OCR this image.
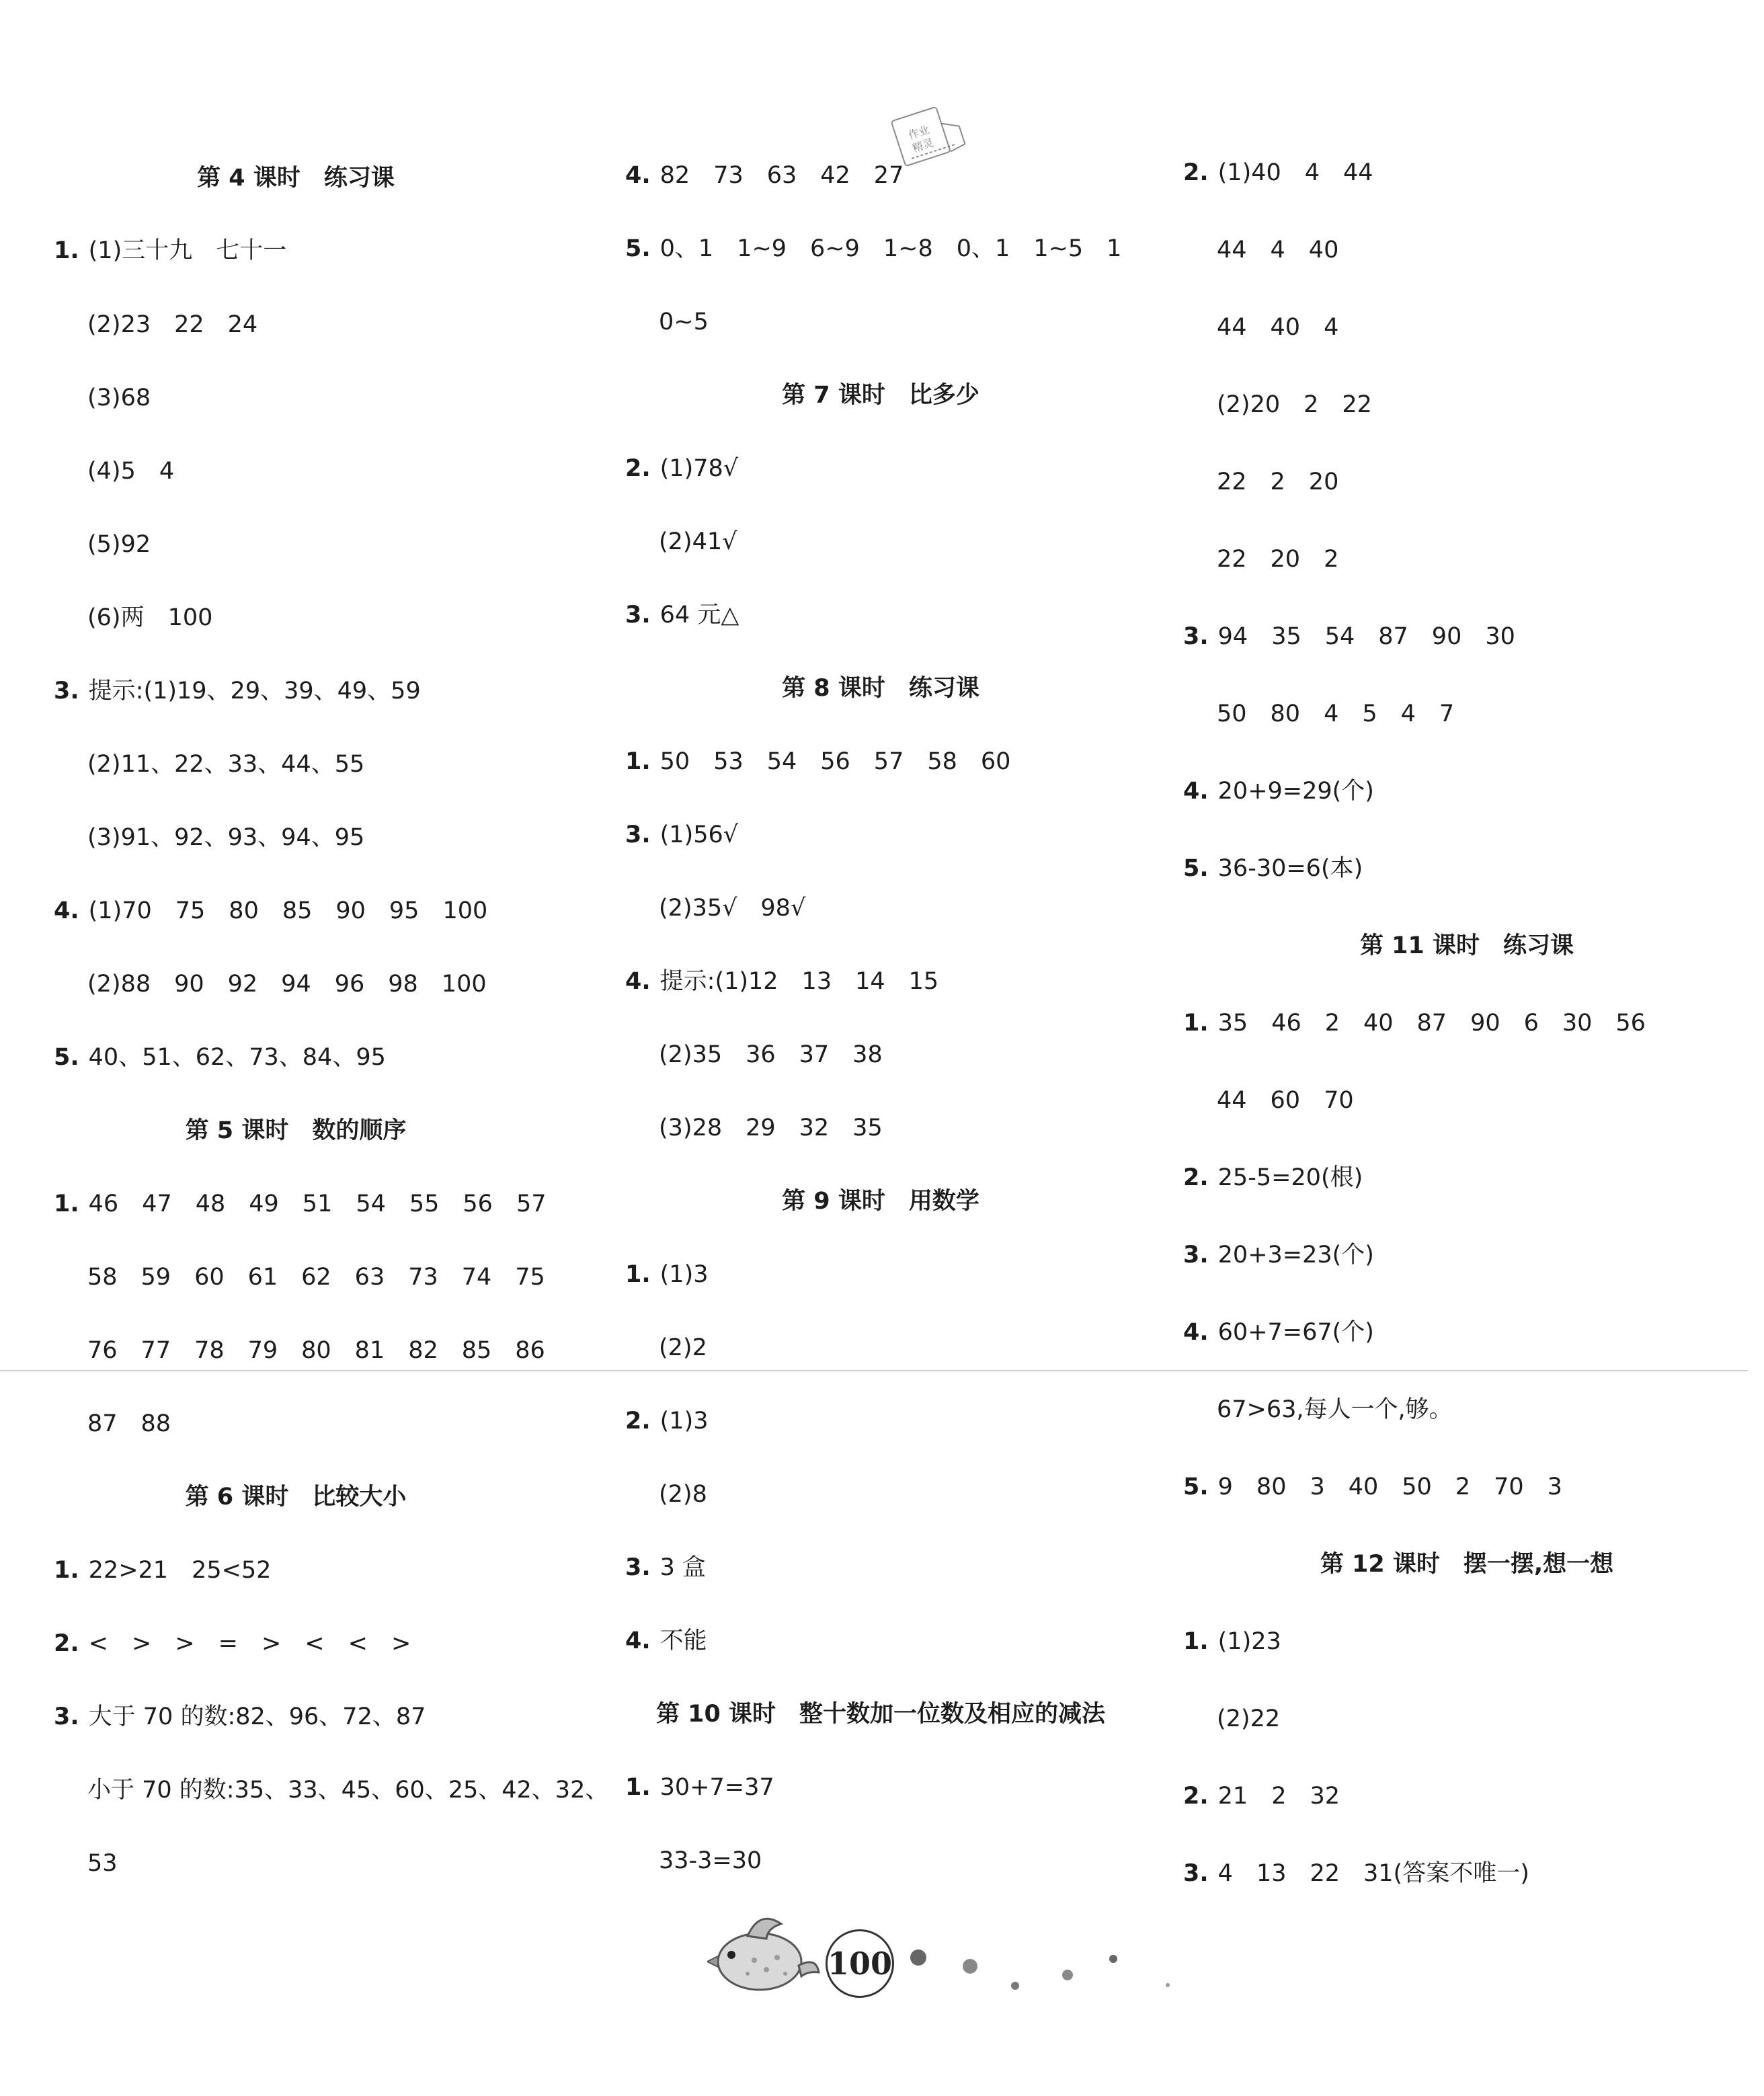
第 4 课时　练习课
1. (1)三十九　七十一
(2)23　22　24
(3)68
(4)5　4
(5)92
(6)两　100
3. 提示:(1)19、29、39、49、59
(2)11、22、33、44、55
(3)91、92、93、94、95
4. (1)70　75　80　85　90　95　100
(2)88　90　92　94　96　98　100
5. 40、51、62、73、84、95
第 5 课时　数的顺序
1. 46　47　48　49　51　54　55　56　57
58　59　60　61　62　63　73　74　75
76　77　78　79　80　81　82　85　86
87　88
第 6 课时　比较大小
1. 22>21　25<52
2. <　>　>　=　>　<　<　>
3. 大于 70 的数:82、96、72、87
小于 70 的数:35、33、45、60、25、42、32、
53
4. 82　73　63　42　27
5. 0、1　1~9　6~9　1~8　0、1　1~5　1
0~5
第 7 课时　比多少
2. (1)78√
(2)41√
3. 64 元△
第 8 课时　练习课
1. 50　53　54　56　57　58　60
3. (1)56√
(2)35√　98√
4. 提示:(1)12　13　14　15
(2)35　36　37　38
(3)28　29　32　35
第 9 课时　用数学
1. (1)3
(2)2
2. (1)3
(2)8
3. 3 盒
4. 不能
第 10 课时　整十数加一位数及相应的减法
1. 30+7=37
33-3=30
2. (1)40　4　44
44　4　40
44　40　4
(2)20　2　22
22　2　20
22　20　2
3. 94　35　54　87　90　30
50　80　4　5　4　7
4. 20+9=29(个)
5. 36-30=6(本)
第 11 课时　练习课
1. 35　46　2　40　87　90　6　30　56
44　60　70
2. 25-5=20(根)
3. 20+3=23(个)
4. 60+7=67(个)
67>63,每人一个,够。
5. 9　80　3　40　50　2　70　3
第 12 课时　摆一摆,想一想
1. (1)23
(2)22
2. 21　2　32
3. 4　13　22　31(答案不唯一)
作业
精灵
100
